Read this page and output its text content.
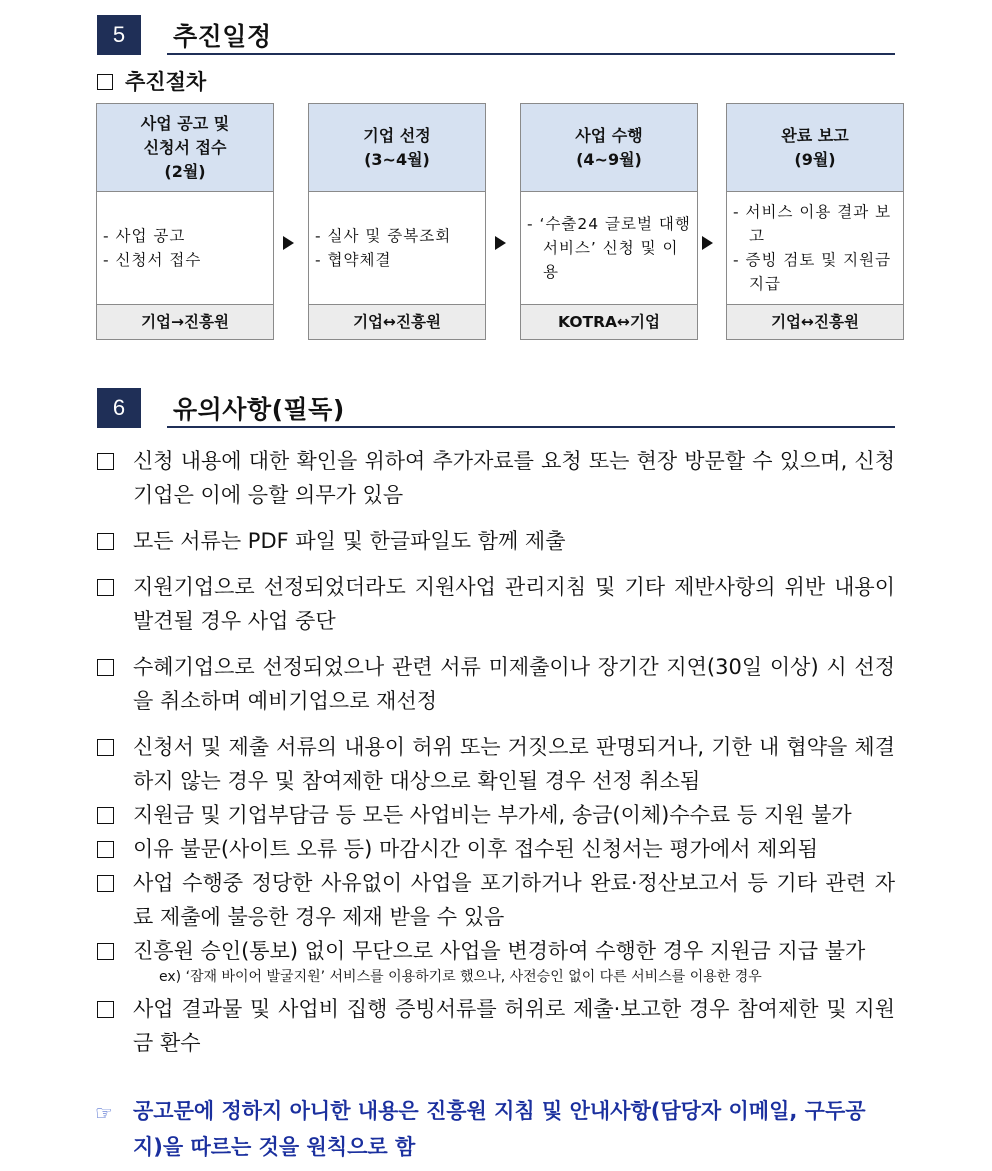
5	추진일정
추진절차
사업 공고 및
신청서 접수
(2월)
- 사업 공고
- 신청서 접수
기업→진흥원
기업 선정
(3~4월)
- 실사 및 중복조회
- 협약체결
기업↔진흥원
사업 수행
(4~9월)
- ‘수출24 글로벌 대행 서비스’ 신청 및 이용
KOTRA↔기업
완료 보고
(9월)
- 서비스 이용 결과 보고
- 증빙 검토 및 지원금 지급
기업↔진흥원
6	유의사항(필독)
신청 내용에 대한 확인을 위하여 추가자료를 요청 또는 현장 방문할 수 있으며, 신청기업은 이에 응할 의무가 있음
모든 서류는 PDF 파일 및 한글파일도 함께 제출
지원기업으로 선정되었더라도 지원사업 관리지침 및 기타 제반사항의 위반 내용이 발견될 경우 사업 중단
수혜기업으로 선정되었으나 관련 서류 미제출이나 장기간 지연(30일 이상) 시 선정을 취소하며 예비기업으로 재선정
신청서 및 제출 서류의 내용이 허위 또는 거짓으로 판명되거나, 기한 내 협약을 체결하지 않는 경우 및 참여제한 대상으로 확인될 경우 선정 취소됨
지원금 및 기업부담금 등 모든 사업비는 부가세, 송금(이체)수수료 등 지원 불가
이유 불문(사이트 오류 등) 마감시간 이후 접수된 신청서는 평가에서 제외됨
사업 수행중 정당한 사유없이 사업을 포기하거나 완료·정산보고서 등 기타 관련 자료 제출에 불응한 경우 제재 받을 수 있음
진흥원 승인(통보) 없이 무단으로 사업을 변경하여 수행한 경우 지원금 지급 불가
ex) ‘잠재 바이어 발굴지원’ 서비스를 이용하기로 했으나, 사전승인 없이 다른 서비스를 이용한 경우
사업 결과물 및 사업비 집행 증빙서류를 허위로 제출·보고한 경우 참여제한 및 지원금 환수
☞ 공고문에 정하지 아니한 내용은 진흥원 지침 및 안내사항(담당자 이메일, 구두공지)을 따르는 것을 원칙으로 함
